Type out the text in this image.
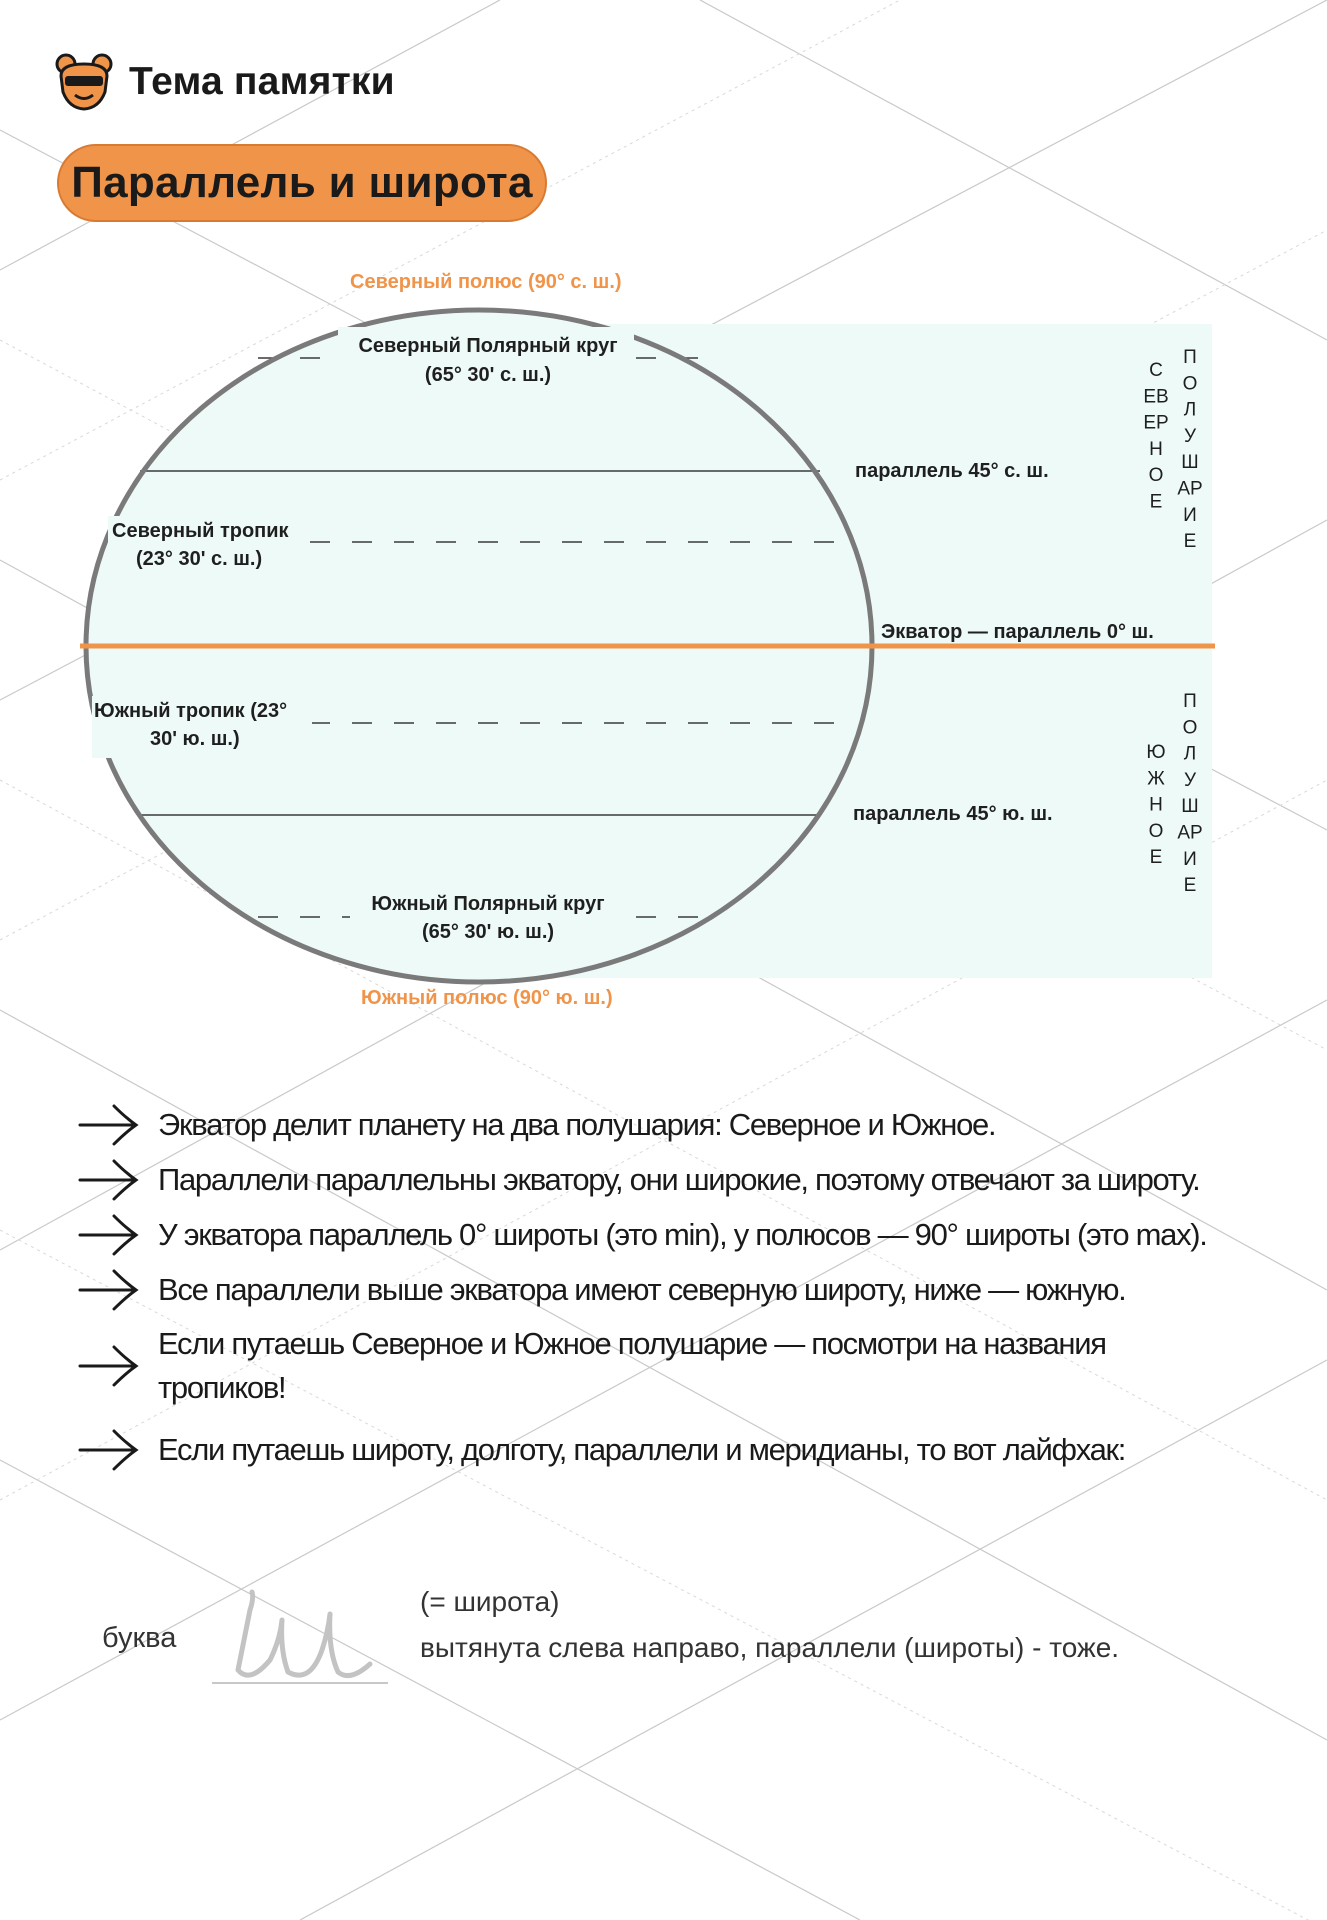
Тема памятки
Параллель и широта
Северный полюс (90° с. ш.)
Южный полюс (90° ю. ш.)
Северный Полярный круг
(65° 30' с. ш.)
Северный тропик
(23° 30' с. ш.)
Южный тропик (23°
30' ю. ш.)
Южный Полярный круг
(65° 30' ю. ш.)
параллель 45° с. ш.
параллель 45° ю. ш.
Экватор — параллель 0° ш.
С
ЕВ
ЕР
Н
О
Е
П
О
Л
У
Ш
АР
И
Е
Ю
Ж
Н
О
Е
П
О
Л
У
Ш
АР
И
Е
Экватор делит планету на два полушария: Северное и Южное.
Параллели параллельны экватору, они широкие, поэтому отвечают за широту.
У экватора параллель 0° широты (это min), у полюсов — 90° широты (это max).
Все параллели выше экватора имеют северную широту, ниже — южную.
Если путаешь Северное и Южное полушарие — посмотри на названия
тропиков!
Если путаешь широту, долготу, параллели и меридианы, то вот лайфхак:
буква
(= широта)
вытянута слева направо, параллели (широты) - тоже.
